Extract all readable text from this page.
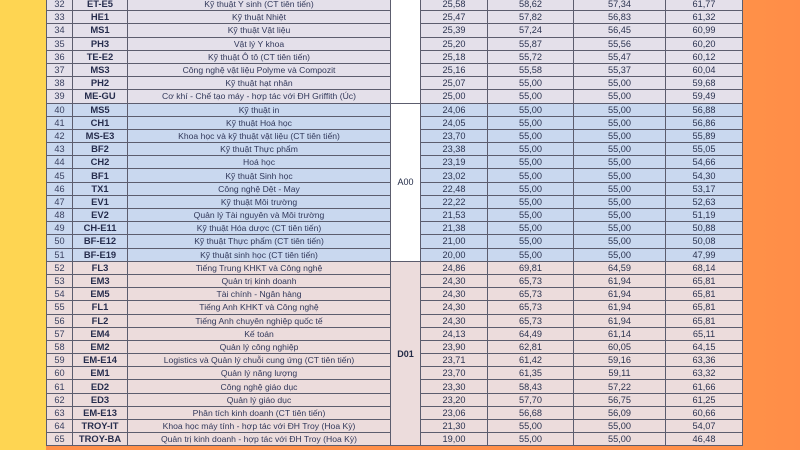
32	ET-E5	Kỹ thuật Y sinh (CT tiên tiến)		25,58	58,62	57,34	61,77
33	HE1	Kỹ thuật Nhiệt		25,47	57,82	56,83	61,32
34	MS1	Kỹ thuật Vật liệu		25,39	57,24	56,45	60,99
35	PH3	Vật lý Y khoa		25,20	55,87	55,56	60,20
36	TE-E2	Kỹ thuật Ô tô (CT tiên tiến)		25,18	55,72	55,47	60,12
37	MS3	Công nghệ vật liệu Polyme và Compozit		25,16	55,58	55,37	60,04
38	PH2	Kỹ thuật hạt nhân		25,07	55,00	55,00	59,68
39	ME-GU	Cơ khí - Chế tạo máy - hợp tác với ĐH Griffith (Úc)		25,00	55,00	55,00	59,49
40	MS5	Kỹ thuật in	A00	24,06	55,00	55,00	56,88
41	CH1	Kỹ thuật Hoá học		24,05	55,00	55,00	56,86
42	MS-E3	Khoa học và kỹ thuật vật liệu (CT tiên tiến)		23,70	55,00	55,00	55,89
43	BF2	Kỹ thuật Thực phẩm		23,38	55,00	55,00	55,05
44	CH2	Hoá học		23,19	55,00	55,00	54,66
45	BF1	Kỹ thuật Sinh học		23,02	55,00	55,00	54,30
46	TX1	Công nghệ Dệt - May		22,48	55,00	55,00	53,17
47	EV1	Kỹ thuật Môi trường		22,22	55,00	55,00	52,63
48	EV2	Quản lý Tài nguyên và Môi trường		21,53	55,00	55,00	51,19
49	CH-E11	Kỹ thuật Hóa dược (CT tiên tiến)		21,38	55,00	55,00	50,88
50	BF-E12	Kỹ thuật Thực phẩm (CT tiên tiến)		21,00	55,00	55,00	50,08
51	BF-E19	Kỹ thuật sinh học (CT tiên tiến)		20,00	55,00	55,00	47,99
52	FL3	Tiếng Trung KHKT và Công nghệ	D01	24,86	69,81	64,59	68,14
53	EM3	Quản trị kinh doanh		24,30	65,73	61,94	65,81
54	EM5	Tài chính - Ngân hàng		24,30	65,73	61,94	65,81
55	FL1	Tiếng Anh KHKT và Công nghệ		24,30	65,73	61,94	65,81
56	FL2	Tiếng Anh chuyên nghiệp quốc tế		24,30	65,73	61,94	65,81
57	EM4	Kế toán		24,13	64,49	61,14	65,11
58	EM2	Quản lý công nghiệp		23,90	62,81	60,05	64,15
59	EM-E14	Logistics và Quản lý chuỗi cung ứng (CT tiên tiến)		23,71	61,42	59,16	63,36
60	EM1	Quản lý năng lượng		23,70	61,35	59,11	63,32
61	ED2	Công nghệ giáo dục		23,30	58,43	57,22	61,66
62	ED3	Quản lý giáo dục		23,20	57,70	56,75	61,25
63	EM-E13	Phân tích kinh doanh (CT tiên tiến)		23,06	56,68	56,09	60,66
64	TROY-IT	Khoa học máy tính - hợp tác với ĐH Troy (Hoa Kỳ)		21,30	55,00	55,00	54,07
65	TROY-BA	Quản trị kinh doanh - hợp tác với ĐH Troy (Hoa Kỳ)		19,00	55,00	55,00	46,48
